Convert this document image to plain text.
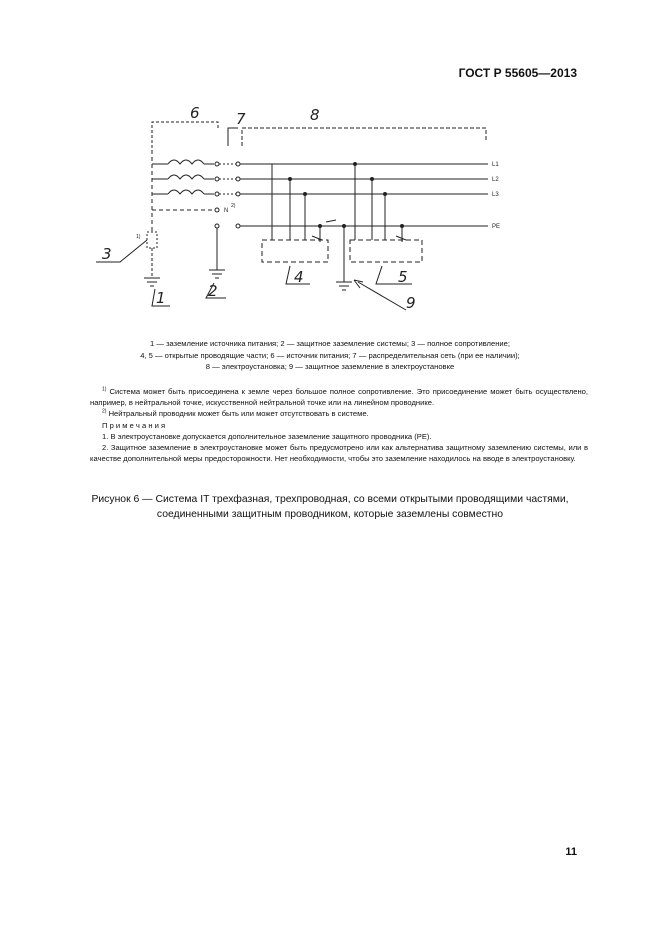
ГОСТ Р 55605—2013
L1
L2
L3
PE
N
2)
1)
1	2
3
4	5
6 7	8
9
1 — заземление источника питания; 2 — защитное заземление системы; 3 — полное сопротивление;
4, 5 — открытые проводящие части; 6 — источник питания; 7 — распределительная сеть (при ее наличии);
8 — электроустановка; 9 — защитное заземление в электроустановке

$^{1)}$ Система может быть присоединена к земле через большое полное сопротивление. Это присоединение может быть осуществлено, например, в нейтральной точке, искусственной нейтральной точке или на линейном проводнике.

$^{2)}$ Нейтральный проводник может быть или может отсутствовать в системе.

П р и м е ч а н и я

1. В электроустановке допускается дополнительное заземление защитного проводника (PE).

2. Защитное заземление в электроустановке может быть предусмотрено или как альтернатива защитному заземлению системы, или в качестве дополнительной меры предосторожности. Нет необходимости, чтобы это заземление находилось на вводе в электроустановку.

Рисунок 6 — Система IT трехфазная, трехпроводная, со всеми открытыми проводящими частями,
соединенными защитным проводником, которые заземлены совместно
11
